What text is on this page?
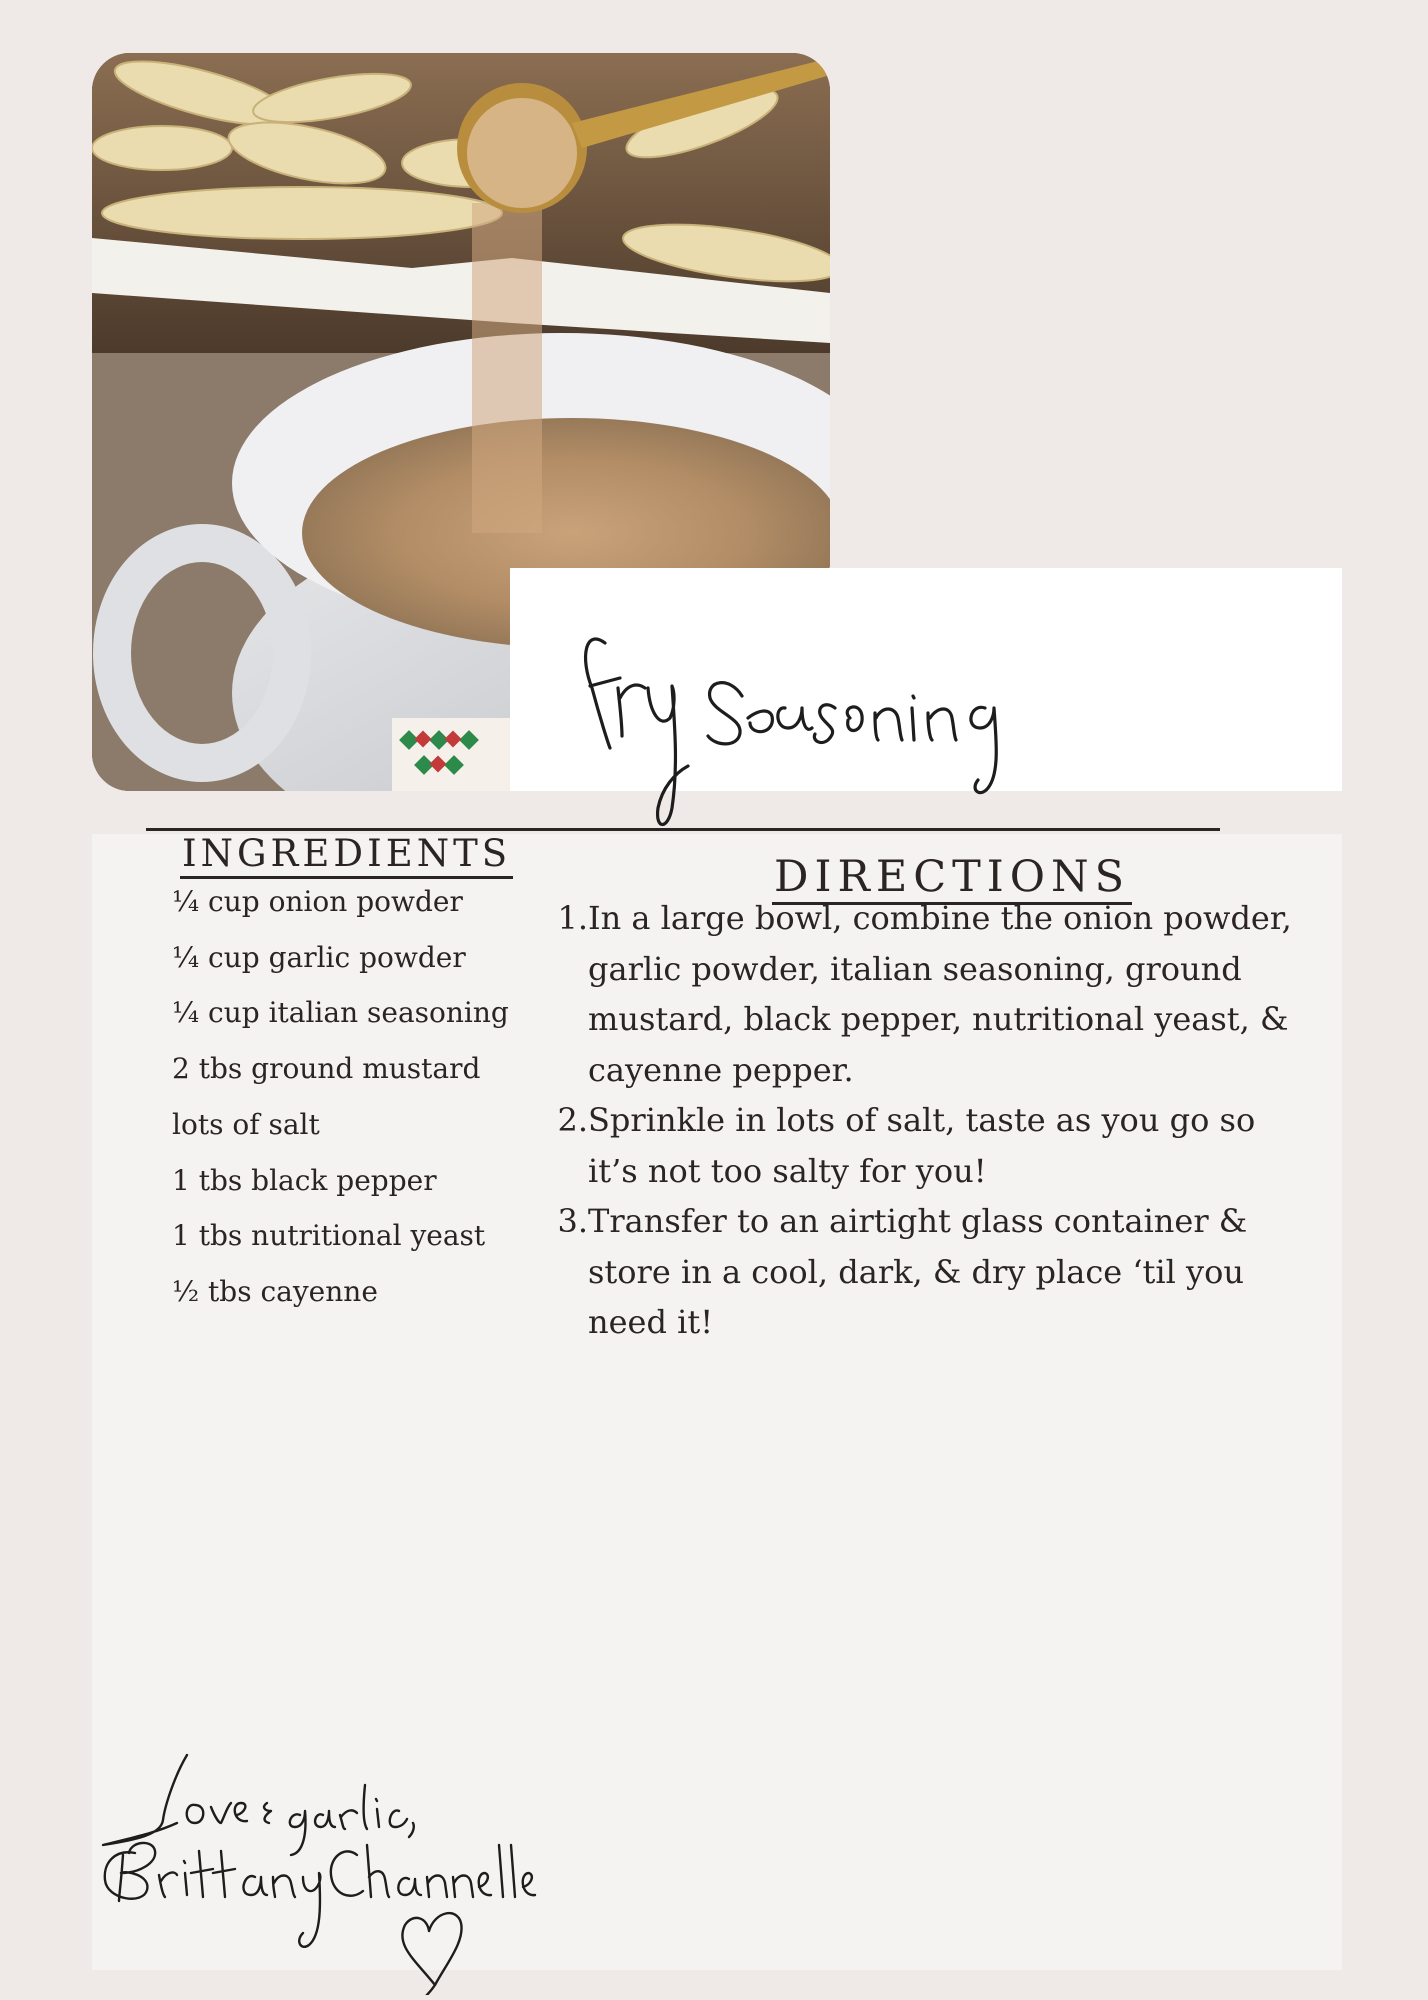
INGREDIENTS
¼ cup onion powder
¼ cup garlic powder
¼ cup italian seasoning
2 tbs ground mustard
lots of salt
1 tbs black pepper
1 tbs nutritional yeast
½ tbs cayenne
DIRECTIONS
1. In a large bowl, combine the onion powder, garlic powder, italian seasoning, ground mustard, black pepper, nutritional yeast, & cayenne pepper.
2. Sprinkle in lots of salt, taste as you go so it’s not too salty for you!
3. Transfer to an airtight glass container & store in a cool, dark, & dry place ‘til you need it!
